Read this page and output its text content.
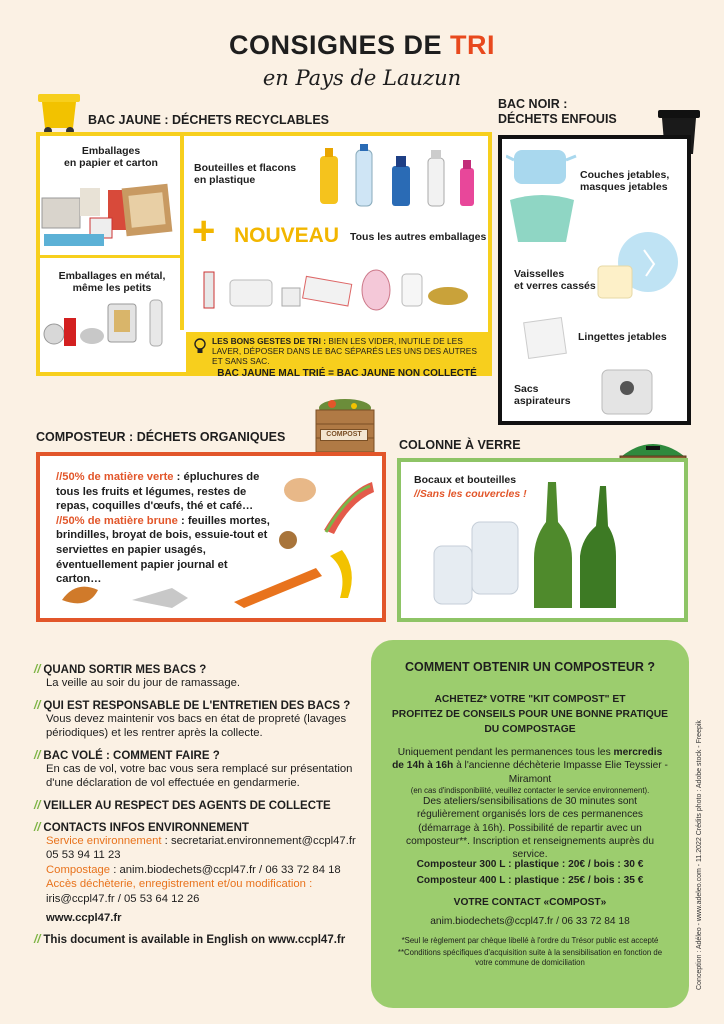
CONSIGNES DE TRI
en Pays de Lauzun
BAC JAUNE : DÉCHETS RECYCLABLES
Emballages
en papier et carton	Bouteilles et flacons
en plastique
+ NOUVEAU Tous les autres emballages
Emballages en métal,
même les petits
LES BONS GESTES DE TRI : BIEN LES VIDER, INUTILE DE LES LAVER, DÉPOSER DANS LE BAC SÉPARÉS LES UNS DES AUTRES ET SANS SAC.
BAC JAUNE MAL TRIÉ = BAC JAUNE NON COLLECTÉ
BAC NOIR :
DÉCHETS ENFOUIS
Couches jetables,
masques jetables
Vaisselles
et verres cassés
Lingettes jetables
Sacs
aspirateurs
COMPOSTEUR : DÉCHETS ORGANIQUES	COMPOST
//50% de matière verte : épluchures de tous les fruits et légumes, restes de repas, coquilles d'œufs, thé et café…
//50% de matière brune : feuilles mortes, brindilles, broyat de bois, essuie-tout et serviettes en papier usagés, éventuellement papier journal et carton…
COLONNE À VERRE
Bocaux et bouteilles
//Sans les couvercles !
// QUAND SORTIR MES BACS ?
La veille au soir du jour de ramassage.
// QUI EST RESPONSABLE DE L'ENTRETIEN DES BACS ?
Vous devez maintenir vos bacs en état de propreté (lavages périodiques) et les rentrer après la collecte.
// BAC VOLÉ : COMMENT FAIRE ?
En cas de vol, votre bac vous sera remplacé sur présentation d'une déclaration de vol effectuée en gendarmerie.
// VEILLER AU RESPECT DES AGENTS DE COLLECTE
// CONTACTS INFOS ENVIRONNEMENT
Service environnement : secretariat.environnement@ccpl47.fr
05 53 94 11 23
Compostage : anim.biodechets@ccpl47.fr / 06 33 72 84 18
Accès déchèterie, enregistrement et/ou modification :
iris@ccpl47.fr / 05 53 64 12 26
www.ccpl47.fr
// This document is available in English on www.ccpl47.fr
COMMENT OBTENIR UN COMPOSTEUR ?
ACHETEZ* VOTRE "KIT COMPOST" ET
PROFITEZ DE CONSEILS POUR UNE BONNE PRATIQUE
DU COMPOSTAGE
Uniquement pendant les permanences tous les mercredis de 14h à 16h à l'ancienne déchèterie Impasse Elie Teyssier - Miramont
(en cas d'indisponibilité, veuillez contacter le service environnement).
Des ateliers/sensibilisations de 30 minutes sont régulièrement organisés lors de ces permanences (démarrage à 16h). Possibilité de repartir avec un composteur**. Inscription et renseignements auprès du service.
Composteur 300 L : plastique : 20€ / bois : 30 €
Composteur 400 L : plastique : 25€ / bois : 35 €
VOTRE CONTACT «COMPOST»
anim.biodechets@ccpl47.fr / 06 33 72 84 18
*Seul le règlement par chèque libellé à l'ordre du Trésor public est accepté
**Conditions spécifiques d'acquisition suite à la sensibilisation en fonction de votre commune de domiciliation	Conception : Adéleo - www.adeleo.com - 11.2022 Crédits photo : Adobe stock - Freepik
